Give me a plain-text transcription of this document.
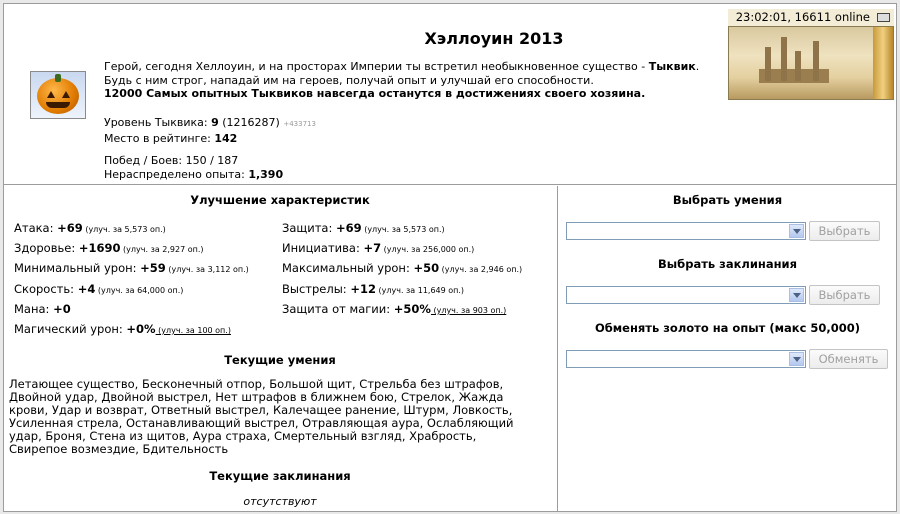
Хэллоуин 2013
Герой, сегодня Хеллоуин, и на просторах Империи ты встретил необыкновенное существо - Тыквик.
Будь с ним строг, нападай им на героев, получай опыт и улучшай его способности.
12000 Самых опытных Тыквиков навсегда останутся в достижениях своего хозяина.
Уровень Тыквика: 9 (1216287) +433713
Место в рейтинге: 142
Побед / Боев: 150 / 187
Нераспределено опыта: 1,390
23:02:01, 16611 online
Улучшение характеристик
Атака: +69 (улуч. за 5,573 оп.)
Здоровье: +1690 (улуч. за 2,927 оп.)
Минимальный урон: +59 (улуч. за 3,112 оп.)
Скорость: +4 (улуч. за 64,000 оп.)
Мана: +0
Магический урон: +0% (улуч. за 100 оп.)
Защита: +69 (улуч. за 5,573 оп.)
Инициатива: +7 (улуч. за 256,000 оп.)
Максимальный урон: +50 (улуч. за 2,946 оп.)
Выстрелы: +12 (улуч. за 11,649 оп.)
Защита от магии: +50% (улуч. за 903 оп.)
Текущие умения
Летающее существо, Бесконечный отпор, Большой щит, Стрельба без штрафов, Двойной удар, Двойной выстрел, Нет штрафов в ближнем бою, Стрелок, Жажда крови, Удар и возврат, Ответный выстрел, Калечащее ранение, Штурм, Ловкость, Усиленная стрела, Останавливающий выстрел, Отравляющая аура, Ослабляющий удар, Броня, Стена из щитов, Аура страха, Смертельный взгляд, Храбрость, Свирепое возмездие, Бдительность
Текущие заклинания
отсутствуют
Выбрать умения
Выбрать
Выбрать заклинания
Выбрать
Обменять золото на опыт (макс 50,000)
Обменять
